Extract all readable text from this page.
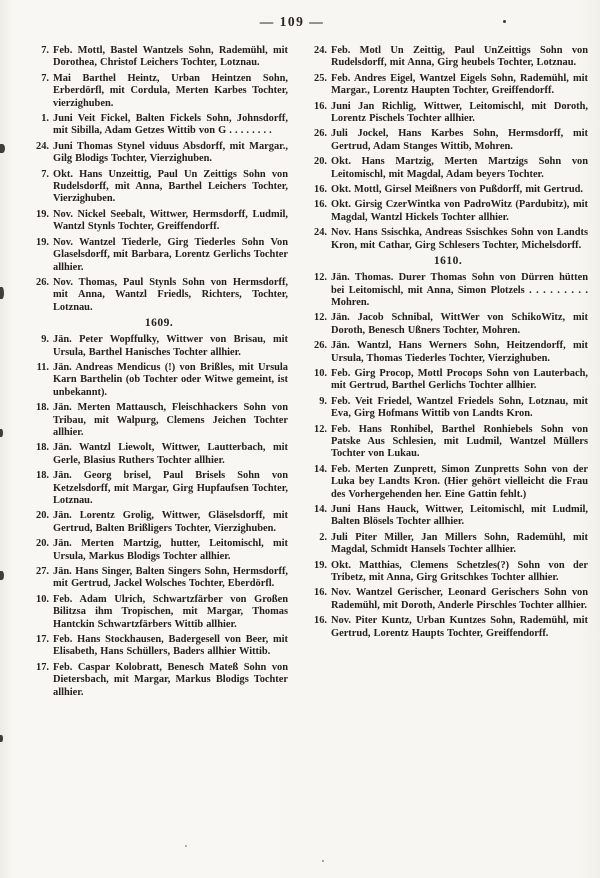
— 109 —
7. Feb. Mottl, Bastel Wantzels Sohn, Rademühl, mit Dorothea, Christof Leichers Tochter, Lotznau.
7. Mai Barthel Heintz, Urban Heintzen Sohn, Erberdörfl, mit Cordula, Merten Karbes Tochter, vierzighuben.
1. Juni Veit Fickel, Balten Fickels Sohn, Johnsdorff, mit Sibilla, Adam Getzes Wittib von G . . . . . . . .
24. Juni Thomas Stynel viduus Absdorff, mit Margar., Gilg Blodigs Tochter, Vierzighuben.
7. Okt. Hans Unzeittig, Paul Un Zeittigs Sohn von Rudelsdorff, mit Anna, Barthel Leichers Tochter, Vierzighuben.
19. Nov. Nickel Seebalt, Wittwer, Hermsdorff, Ludmil, Wantzl Stynls Tochter, Greiffendorff.
19. Nov. Wantzel Tiederle, Girg Tiederles Sohn Von Glaselsdorff, mit Barbara, Lorentz Gerlichs Tochter allhier.
26. Nov. Thomas, Paul Stynls Sohn von Hermsdorff, mit Anna, Wantzl Friedls, Richters, Tochter, Lotznau.
1609.
9. Jän. Peter Wopffulky, Wittwer von Brisau, mit Ursula, Barthel Hanisches Tochter allhier.
11. Jän. Andreas Mendicus (!) von Brißles, mit Ursula Karn Barthelin (ob Tochter oder Witwe gemeint, ist unbekannt).
18. Jän. Merten Mattausch, Fleischhackers Sohn von Tribau, mit Walpurg, Clemens Jeichen Tochter allhier.
18. Jän. Wantzl Liewolt, Wittwer, Lautterbach, mit Gerle, Blasius Ruthers Tochter allhier.
18. Jän. Georg brisel, Paul Brisels Sohn von Ketzelsdorff, mit Margar, Girg Hupfaufsen Tochter, Lotznau.
20. Jän. Lorentz Grolig, Wittwer, Gläselsdorff, mit Gertrud, Balten Brißligers Tochter, Vierzighuben.
20. Jän. Merten Martzig, hutter, Leitomischl, mit Ursula, Markus Blodigs Tochter allhier.
27. Jän. Hans Singer, Balten Singers Sohn, Hermsdorff, mit Gertrud, Jackel Wolsches Tochter, Eberdörfl.
10. Feb. Adam Ulrich, Schwartzfärber von Großen Bilitzsa ihm Tropischen, mit Margar, Thomas Hantckin Schwartzfärbers Wittib allhier.
17. Feb. Hans Stockhausen, Badergesell von Beer, mit Elisabeth, Hans Schüllers, Baders allhier Wittib.
17. Feb. Caspar Kolobratt, Benesch Mateß Sohn von Dietersbach, mit Margar, Markus Blodigs Tochter allhier.
24. Feb. Motl Un Zeittig, Paul UnZeittigs Sohn von Rudelsdorff, mit Anna, Girg heubels Tochter, Lotznau.
25. Feb. Andres Eigel, Wantzel Eigels Sohn, Rademühl, mit Margar., Lorentz Haupten Tochter, Greiffendorff.
16. Juni Jan Richlig, Wittwer, Leitomischl, mit Doroth, Lorentz Pischels Tochter allhier.
26. Juli Jockel, Hans Karbes Sohn, Hermsdorff, mit Gertrud, Adam Stanges Wittib, Mohren.
20. Okt. Hans Martzig, Merten Martzigs Sohn von Leitomischl, mit Magdal, Adam beyers Tochter.
16. Okt. Mottl, Girsel Meißners von Pußdorff, mit Gertrud.
16. Okt. Girsig CzerWintka von PadroWitz (Pardubitz), mit Magdal, Wantzl Hickels Tochter allhier.
24. Nov. Hans Ssischka, Andreas Ssischkes Sohn von Landts Kron, mit Cathar, Girg Schlesers Tochter, Michelsdorff.
1610.
12. Jän. Thomas. Durer Thomas Sohn von Dürren hütten bei Leitomischl, mit Anna, Simon Plotzels . . . . . . . . . Mohren.
12. Jän. Jacob Schnibal, WittWer von SchikoWitz, mit Doroth, Benesch Ußners Tochter, Mohren.
26. Jän. Wantzl, Hans Werners Sohn, Heitzendorff, mit Ursula, Thomas Tiederles Tochter, Vierzighuben.
10. Feb. Girg Procop, Mottl Procops Sohn von Lauterbach, mit Gertrud, Barthel Gerlichs Tochter allhier.
9. Feb. Veit Friedel, Wantzel Friedels Sohn, Lotznau, mit Eva, Girg Hofmans Wittib von Landts Kron.
12. Feb. Hans Ronhibel, Barthel Ronhiebels Sohn von Patske Aus Schlesien, mit Ludmil, Wantzel Müllers Tochter von Lukau.
14. Feb. Merten Zunprett, Simon Zunpretts Sohn von der Luka bey Landts Kron. (Hier gehört vielleicht die Frau des Vorhergehenden her. Eine Gattin fehlt.)
14. Juni Hans Hauck, Wittwer, Leitomischl, mit Ludmil, Balten Blösels Tochter allhier.
2. Juli Piter Miller, Jan Millers Sohn, Rademühl, mit Magdal, Schmidt Hansels Tochter allhier.
19. Okt. Matthias, Clemens Schetzles(?) Sohn von der Tribetz, mit Anna, Girg Gritschkes Tochter allhier.
16. Nov. Wantzel Gerischer, Leonard Gerischers Sohn von Rademühl, mit Doroth, Anderle Pirschles Tochter allhier.
16. Nov. Piter Kuntz, Urban Kuntzes Sohn, Rademühl, mit Gertrud, Lorentz Haupts Tochter, Greiffendorff.
